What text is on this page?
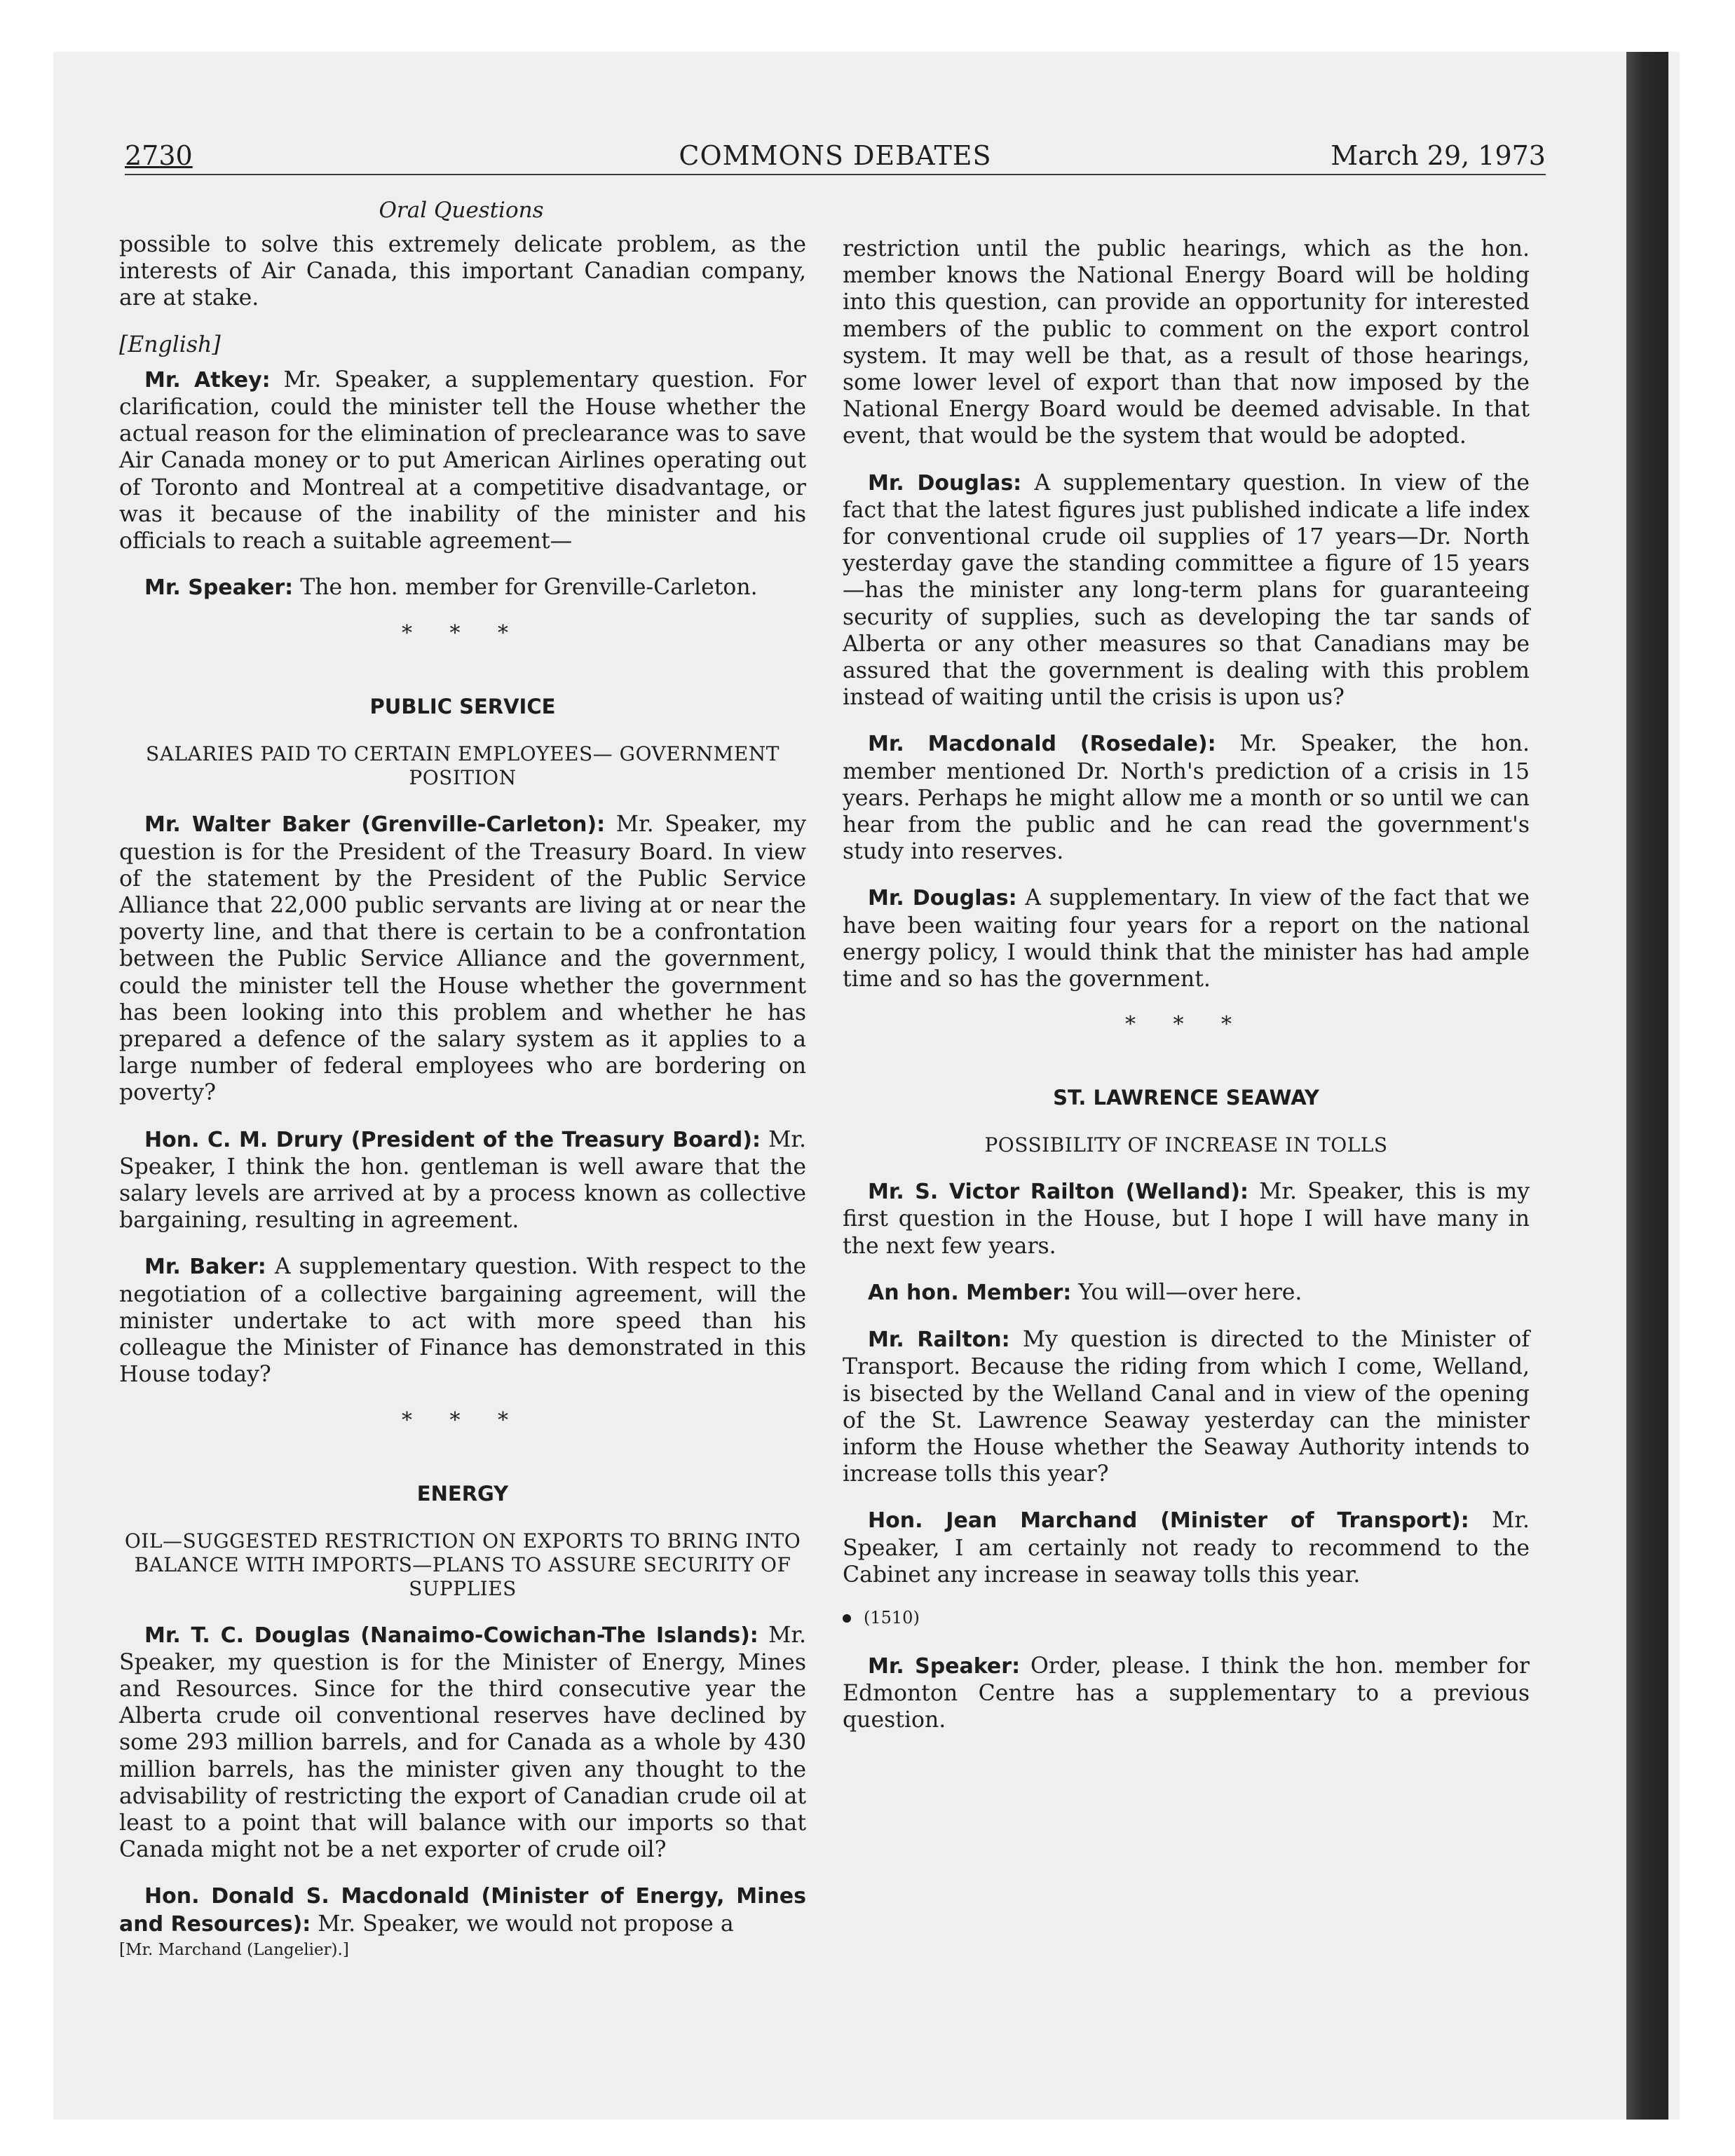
2730	COMMONS DEBATES	March 29, 1973
Oral Questions

possible to solve this extremely delicate problem, as the interests of Air Canada, this important Canadian company, are at stake.

[English]

Mr. Atkey: Mr. Speaker, a supplementary question. For clarification, could the minister tell the House whether the actual reason for the elimination of preclearance was to save Air Canada money or to put American Airlines operating out of Toronto and Montreal at a competitive disadvantage, or was it because of the inability of the minister and his officials to reach a suitable agreement—

Mr. Speaker: The hon. member for Grenville-Carleton.

* * *
PUBLIC SERVICE
SALARIES PAID TO CERTAIN EMPLOYEES— GOVERNMENT POSITION

Mr. Walter Baker (Grenville-Carleton): Mr. Speaker, my question is for the President of the Treasury Board. In view of the statement by the President of the Public Service Alliance that 22,000 public servants are living at or near the poverty line, and that there is certain to be a confrontation between the Public Service Alliance and the government, could the minister tell the House whether the government has been looking into this problem and whether he has prepared a defence of the salary system as it applies to a large number of federal employees who are bordering on poverty?

Hon. C. M. Drury (President of the Treasury Board): Mr. Speaker, I think the hon. gentleman is well aware that the salary levels are arrived at by a process known as collective bargaining, resulting in agreement.

Mr. Baker: A supplementary question. With respect to the negotiation of a collective bargaining agreement, will the minister undertake to act with more speed than his colleague the Minister of Finance has demonstrated in this House today?

* * *
ENERGY
OIL—SUGGESTED RESTRICTION ON EXPORTS TO BRING INTO BALANCE WITH IMPORTS—PLANS TO ASSURE SECURITY OF SUPPLIES

Mr. T. C. Douglas (Nanaimo-Cowichan-The Islands): Mr. Speaker, my question is for the Minister of Energy, Mines and Resources. Since for the third consecutive year the Alberta crude oil conventional reserves have declined by some 293 million barrels, and for Canada as a whole by 430 million barrels, has the minister given any thought to the advisability of restricting the export of Canadian crude oil at least to a point that will balance with our imports so that Canada might not be a net exporter of crude oil?

Hon. Donald S. Macdonald (Minister of Energy, Mines and Resources): Mr. Speaker, we would not propose a

[Mr. Marchand (Langelier).]

restriction until the public hearings, which as the hon. member knows the National Energy Board will be holding into this question, can provide an opportunity for interested members of the public to comment on the export control system. It may well be that, as a result of those hearings, some lower level of export than that now imposed by the National Energy Board would be deemed advisable. In that event, that would be the system that would be adopted.

Mr. Douglas: A supplementary question. In view of the fact that the latest figures just published indicate a life index for conventional crude oil supplies of 17 years—Dr. North yesterday gave the standing committee a figure of 15 years—has the minister any long-term plans for guaranteeing security of supplies, such as developing the tar sands of Alberta or any other measures so that Canadians may be assured that the government is dealing with this problem instead of waiting until the crisis is upon us?

Mr. Macdonald (Rosedale): Mr. Speaker, the hon. member mentioned Dr. North's prediction of a crisis in 15 years. Perhaps he might allow me a month or so until we can hear from the public and he can read the government's study into reserves.

Mr. Douglas: A supplementary. In view of the fact that we have been waiting four years for a report on the national energy policy, I would think that the minister has had ample time and so has the government.

* * *
ST. LAWRENCE SEAWAY
POSSIBILITY OF INCREASE IN TOLLS

Mr. S. Victor Railton (Welland): Mr. Speaker, this is my first question in the House, but I hope I will have many in the next few years.

An hon. Member: You will—over here.

Mr. Railton: My question is directed to the Minister of Transport. Because the riding from which I come, Welland, is bisected by the Welland Canal and in view of the opening of the St. Lawrence Seaway yesterday can the minister inform the House whether the Seaway Authority intends to increase tolls this year?

Hon. Jean Marchand (Minister of Transport): Mr. Speaker, I am certainly not ready to recommend to the Cabinet any increase in seaway tolls this year.

(1510)

Mr. Speaker: Order, please. I think the hon. member for Edmonton Centre has a supplementary to a previous question.
